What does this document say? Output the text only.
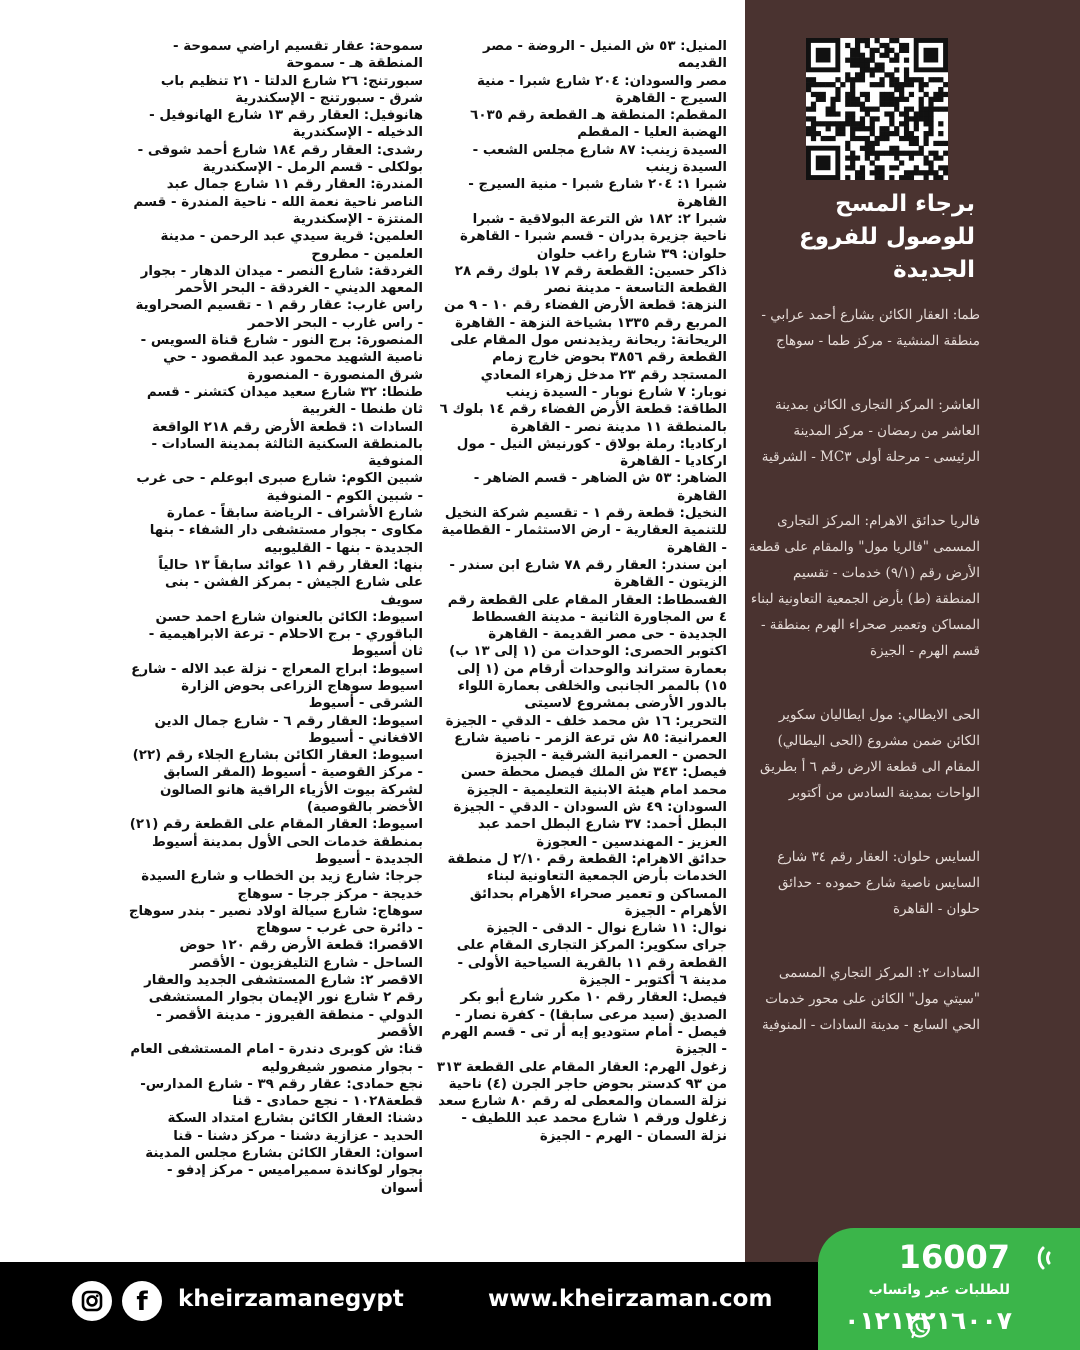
المنيل: ٥٣ ش المنيل - الروضة - مصر القديمه

مصر والسودان: ٢٠٤ شارع شبرا - منية السيرج - القاهرة

المقطم: المنطقة هـ القطعة رقم ٦٠٣٥ الهضبة العليا - المقطم

السيدة زينب: ٨٧ شارع مجلس الشعب - السيدة زينب

شبرا ١: ٢٠٤ شارع شبرا - منية السيرج - القاهرة

شبرا ٢: ١٨٢ ش الترعة البولاقية - شبرا ناحية جزيرة بدران - قسم شبرا - القاهرة

حلوان: ٣٩ شارع راغب حلوان

ذاكر حسين: القطعة رقم ١٧ بلوك رقم ٢٨ القطعة التاسعة - مدينة نصر

النزهة: قطعة الأرض الفضاء رقم ١٠ - ٩ من المربع رقم ١٣٣٥ بشياخة النزهة - القاهرة

الريحانة: ريحانة ريذيدنس مول المقام على القطعة رقم ٣٨٥٦ بحوض خارج زمام المستجد رقم ٢٣ مدخل زهراء المعادي

نوبار: ٧ شارع نوبار - السيدة زينب

الطاقة: قطعة الأرض الفضاء رقم ١٤ بلوك ٦ بالمنطقة ١١ مدينة نصر - القاهرة

اركاديا: رملة بولاق - كورنيش النيل - مول اركاديا - القاهرة

الضاهر: ٥٣ ش الضاهر - قسم الضاهر - القاهرة

النخيل: قطعة رقم ١ - تقسيم شركة النخيل للتنمية العقارية - ارض الاستثمار - القطامية - القاهرة

ابن سندر: العقار رقم ٧٨ شارع ابن سندر - الزيتون - القاهرة

الفسطاط: العقار المقام على القطعة رقم ٤ س المجاورة الثانية - مدينة الفسطاط الجديدة - حى مصر القديمة - القاهرة

اكتوبر الحصرى: الوحدات من (١ إلى ١٣ ب) بعمارة ستراند والوحدات أرقام من (١ إلى ١٥) بالممر الجانبى والخلفى بعمارة اللواء بالدور الأرضى بمشروع لاسيتى

التحرير: ١٦ ش محمد خلف - الدقي - الجيزة

العمرانية: ٨٥ ش ترعة الزمر - ناصية شارع الحصن - العمرانية الشرقية - الجيزة

فيصل: ٣٤٣ ش الملك فيصل محطة حسن محمد امام هيئة الابنية التعليمية - الجيزة

السودان: ٤٩ ش السودان - الدقي - الجيزة

البطل أحمد: ٣٧ شارع البطل احمد عبد العزيز - المهندسين - العجوزة

حدائق الاهرام: القطعة رقم ٢/١٠ ل منطقة الخدمات بأرض الجمعية التعاونية لبناء المساكن و تعمير صحراء الأهرام بحدائق الأهرام - الجيزة

نوال: ١١ شارع نوال - الدقى - الجيزة

جراى سكوير: المركز التجارى المقام على القطعة رقم ١١ بالقرية السياحية الأولى - مدينة ٦ أكتوبر - الجيزة

فيصل: العقار رقم ١٠ مكرر شارع أبو بكر الصديق (سيد مرعى سابقا) - كفرة نصار - فيصل - أمام ستوديو إيه أر تى - قسم الهرم - الجيزة

زغول الهرم: العقار المقام على القطعة ٣١٣ من ٩٣ كدستر بحوض حاجر الجرن (٤) ناحية نزلة السمان والمعطى له رقم ٨٠ شارع سعد زغلول ورقم ١ شارع محمد عبد اللطيف - نزلة السمان - الهرم - الجيزة

سموحة: عقار تقسيم اراضي سموحة - المنطقة هـ - سموحة

سبورتنج: ٢٦ شارع الدلتا - ٢١ تنظيم باب شرق - سبورتنج - الإسكندرية

هانوفيل: العقار رقم ١٣ شارع الهانوفيل - الدخيله - الإسكندرية

رشدى: العقار رقم ١٨٤ شارع أحمد شوقى - بولكلى - قسم الرمل - الإسكندرية

المندرة: العقار رقم ١١ شارع جمال عبد الناصر ناحية نعمة الله - ناحية المندرة - قسم المنتزة - الإسكندرية

العلمين: قرية سيدي عبد الرحمن - مدينة العلمين - مطروح

الغردقة: شارع النصر - ميدان الدهار - بجوار المعهد الديني - الغردقة - البحر الأحمر

راس غارب: عقار رقم ١ - تقسيم الصحراوية - راس غارب - البحر الاحمر

المنصورة: برج النور - شارع قناة السويس - ناصية الشهيد محمود عبد المقصود - حي شرق المنصورة - المنصورة

طنطا: ٣٢ شارع سعيد ميدان كتشنر - قسم ثان طنطا - الغربية

السادات ١: قطعة الأرض رقم ٢١٨ الواقعة بالمنطقة السكنية الثالثة بمدينة السادات - المنوفية

شبين الكوم: شارع صبرى ابوعلم - حى غرب - شبين الكوم - المنوفية

شارع الأشراف - الرياضة سابقاً - عمارة مكاوى - بجوار مستشفى دار الشفاء - بنها الجديدة - بنها - القليوبيه

بنها: العقار رقم ١١ عوائد سابقاً ١٣ حالياً على شارع الجيش - بمركز الفشن - بنى سويف

اسيوط: الكائن بالعنوان شارع احمد حسن الباقوري - برج الاحلام - ترعة الابراهيمية - ثان أسيوط

اسيوط: ابراج المعراج - نزلة عبد الاله - شارع اسيوط سوهاج الزراعى بحوض الزارة الشرقى - أسيوط

اسيوط: العقار رقم ٦ - شارع جمال الدين الافغاني - أسيوط

اسيوط: العقار الكائن بشارع الجلاء رقم (٢٢) - مركز القوصية - أسيوط (المقر السابق لشركة بيوت الأزياء الراقية هانو الصالون الأخضر بالقوصية)

اسيوط: العقار المقام على القطعة رقم (٢١) بمنطقة خدمات الحى الأول بمدينة أسيوط الجديدة - أسيوط

جرجا: شارع زيد بن الخطاب و شارع السيدة خديجة - مركز جرجا - سوهاج

سوهاج: شارع سيالة اولاد نصير - بندر سوهاج - دائرة حى غرب - سوهاج

الاقصرا: قطعة الأرض رقم ١٢٠ حوض الساحل - شارع التليفزيون - الأقصر

الاقصر ٢: شارع المستشفى الجديد والعقار رقم ٢ شارع نور الإيمان بجوار المستشفى الدولي - منطقة الفيروز - مدينة الأقصر - الأقصر

قنا: ش كوبرى دندرة - امام المستشفى العام - بجوار منصور شيفروليه

نجع حمادى: عقار رقم ٣٩ - شارع المدارس- قطعة١٠٢٨ - نجع حمادى - قنا

دشنا: العقار الكائن بشارع امتداد السكة الحديد - عزازية دشنا - مركز دشنا - قنا

اسوان: العقار الكائن بشارع مجلس المدينة بجوار لوكاندة سميراميس - مركز إدفو - أسوان

برجاء المسح للوصول للفروع الجديدة

طما: العقار الكائن بشارع أحمد عرابي - منطقة المنشية - مركز طما - سوهاج

العاشر: المركز التجارى الكائن بمدينة العاشر من رمضان - مركز المدينة الرئيسى - مرحلة أولى MC٣ - الشرقية

فالريا حدائق الاهرام: المركز التجارى المسمى "فالريا مول" والمقام على قطعة الأرض رقم (٩/١) خدمات - تقسيم المنطقة (ط) بأرض الجمعية التعاونية لبناء المساكن وتعمير صحراء الهرم بمنطقة - قسم الهرم - الجيزة

الحى الايطالي: مول ايطاليان سكوير الكائن ضمن مشروع (الحى اليطالي) المقام الى قطعة الارض رقم ٦ أ بطريق الواحات بمدينة السادس من أكتوبر

السايس حلوان: العقار رقم ٣٤ شارع السايس ناصية شارع حموده - حدائق حلوان - القاهرة

السادات ٢: المركز التجاري المسمى "سيتي مول" الكائن على محور خدمات الحي السابع - مدينة السادات - المنوفية

16007
للطلبات عبر واتساب
٠١٢١٢٢١٦٠٠٧
f	kheirzamanegypt	www.kheirzaman.com
